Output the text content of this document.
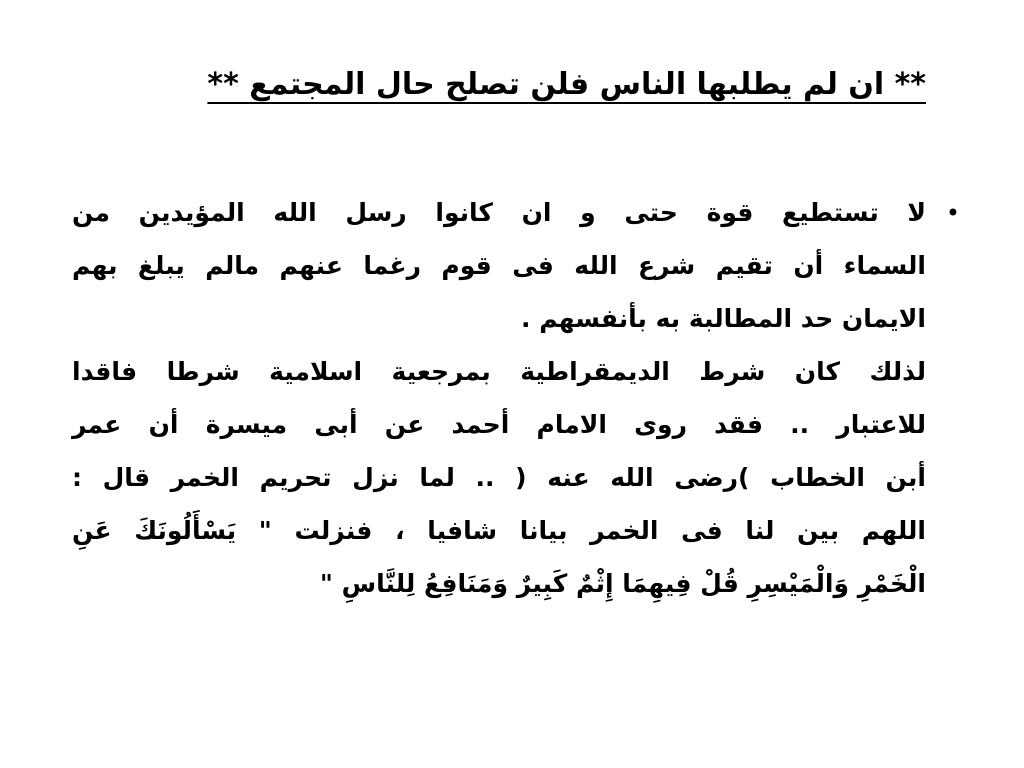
** ان لم يطلبها الناس فلن تصلح حال المجتمع **
•
لا تستطيع قوة حتى و ان كانوا رسل الله المؤيدين من
السماء أن تقيم شرع الله فى قوم رغما عنهم مالم يبلغ بهم
الايمان حد المطالبة به بأنفسهم .
لذلك كان شرط الديمقراطية بمرجعية اسلامية شرطا فاقدا
للاعتبار .. فقد روى الامام أحمد عن أبى ميسرة أن عمر
أبن الخطاب )رضى الله عنه ( .. لما نزل تحريم الخمر قال :
اللهم بين لنا فى الخمر بيانا شافيا ، فنزلت " يَسْأَلُونَكَ عَنِ
الْخَمْرِ وَالْمَيْسِرِ قُلْ فِيهِمَا إِثْمٌ كَبِيرٌ وَمَنَافِعُ لِلنَّاسِ "
